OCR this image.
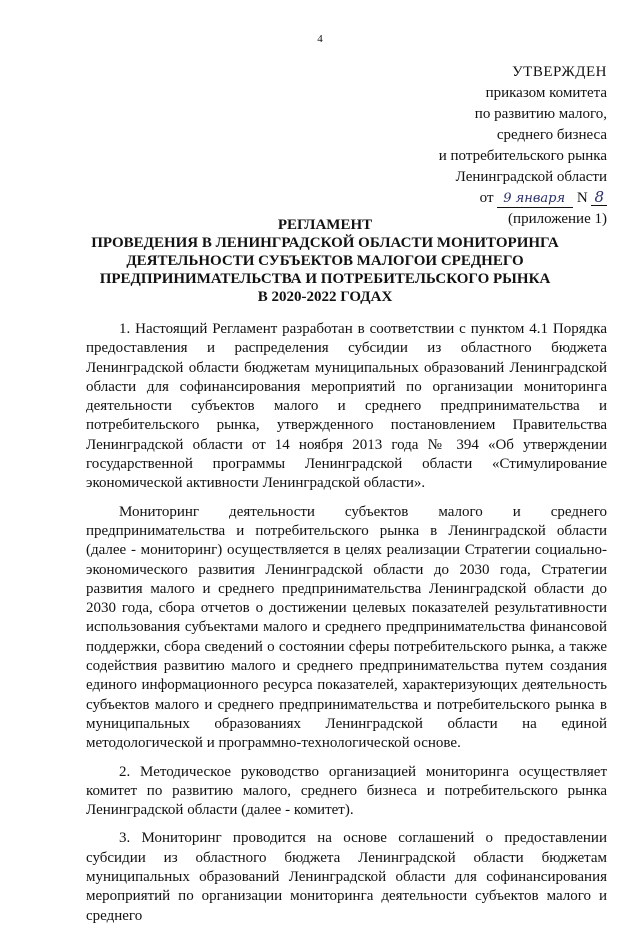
4
УТВЕРЖДЕН
приказом комитета
по развитию малого,
среднего бизнеса
и потребительского рынка
Ленинградской области
от 9 января N 8
(приложение 1)
РЕГЛАМЕНТ
ПРОВЕДЕНИЯ В ЛЕНИНГРАДСКОЙ ОБЛАСТИ МОНИТОРИНГА
ДЕЯТЕЛЬНОСТИ СУБЪЕКТОВ МАЛОГОИ СРЕДНЕГО
ПРЕДПРИНИМАТЕЛЬСТВА И ПОТРЕБИТЕЛЬСКОГО РЫНКА
В 2020-2022 ГОДАХ

1. Настоящий Регламент разработан в соответствии с пунктом 4.1 Порядка предоставления и распределения субсидии из областного бюджета Ленинградской области бюджетам муниципальных образований Ленинградской области для софинансирования мероприятий по организации мониторинга деятельности субъектов малого и среднего предпринимательства и потребительского рынка, утвержденного постановлением Правительства Ленинградской области от 14 ноября 2013 года № 394 «Об утверждении государственной программы Ленинградской области «Стимулирование экономической активности Ленинградской области».

Мониторинг деятельности субъектов малого и среднего предпринимательства и потребительского рынка в Ленинградской области (далее - мониторинг) осуществляется в целях реализации Стратегии социально-экономического развития Ленинградской области до 2030 года, Стратегии развития малого и среднего предпринимательства Ленинградской области до 2030 года, сбора отчетов о достижении целевых показателей результативности использования субъектами малого и среднего предпринимательства финансовой поддержки, сбора сведений о состоянии сферы потребительского рынка, а также содействия развитию малого и среднего предпринимательства путем создания единого информационного ресурса показателей, характеризующих деятельность субъектов малого и среднего предпринимательства и потребительского рынка в муниципальных образованиях Ленинградской области на единой методологической и программно-технологической основе.

2. Методическое руководство организацией мониторинга осуществляет комитет по развитию малого, среднего бизнеса и потребительского рынка Ленинградской области (далее - комитет).

3. Мониторинг проводится на основе соглашений о предоставлении субсидии из областного бюджета Ленинградской области бюджетам муниципальных образований Ленинградской области для софинансирования мероприятий по организации мониторинга деятельности субъектов малого и среднего
